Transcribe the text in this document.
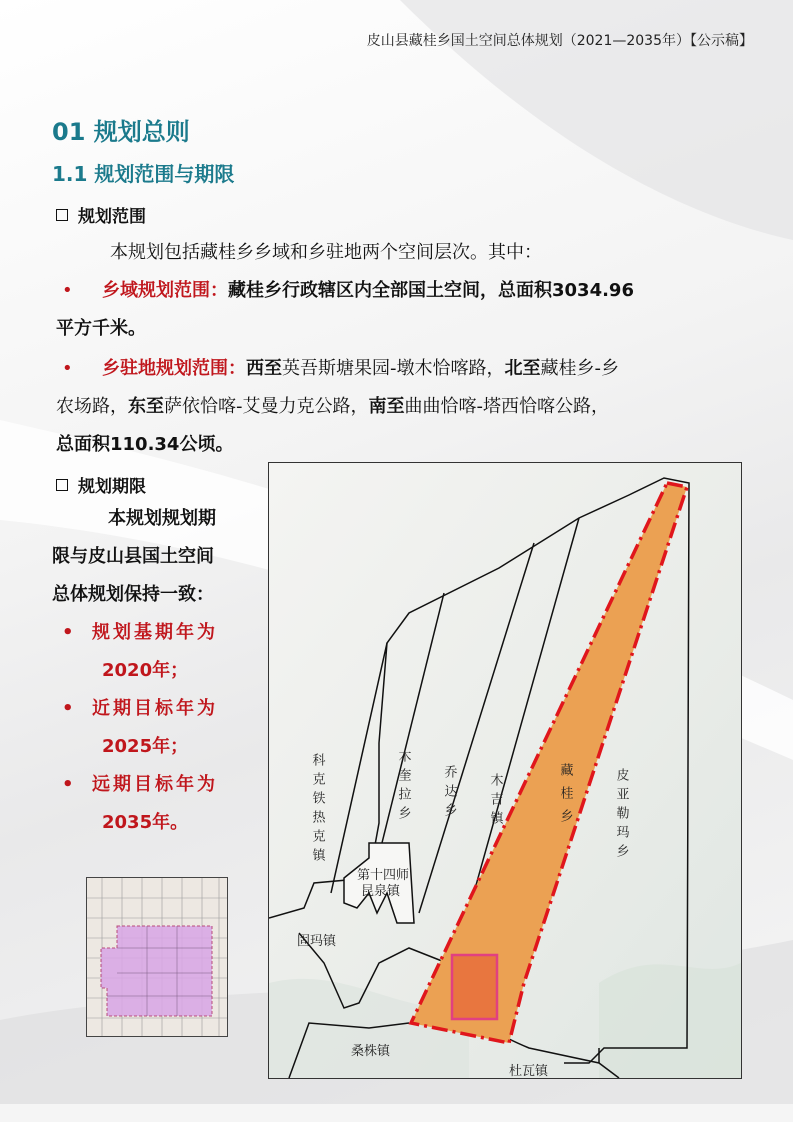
皮山县藏桂乡国土空间总体规划（2021—2035年）【公示稿】
01 规划总则
1.1 规划范围与期限
规划范围
本规划包括藏桂乡乡域和乡驻地两个空间层次。其中：
• 乡域规划范围：藏桂乡行政辖区内全部国土空间，总面积3034.96
平方千米。
• 乡驻地规划范围：西至英吾斯塘果园-墩木恰喀路，北至藏桂乡-乡
农场路，东至萨依恰喀-艾曼力克公路，南至曲曲恰喀-塔西恰喀公路，
总面积110.34公顷。
规划期限
本规划规划期
限与皮山县国土空间
总体规划保持一致：
• 规划基期年为
2020年；
• 近期目标年为
2025年；
• 远期目标年为
2035年。	科克铁热克镇	木奎拉乡 乔达乡 木吉镇	藏桂乡	皮亚勒玛乡
第十四师
昆泉镇
固玛镇
桑株镇
杜瓦镇
